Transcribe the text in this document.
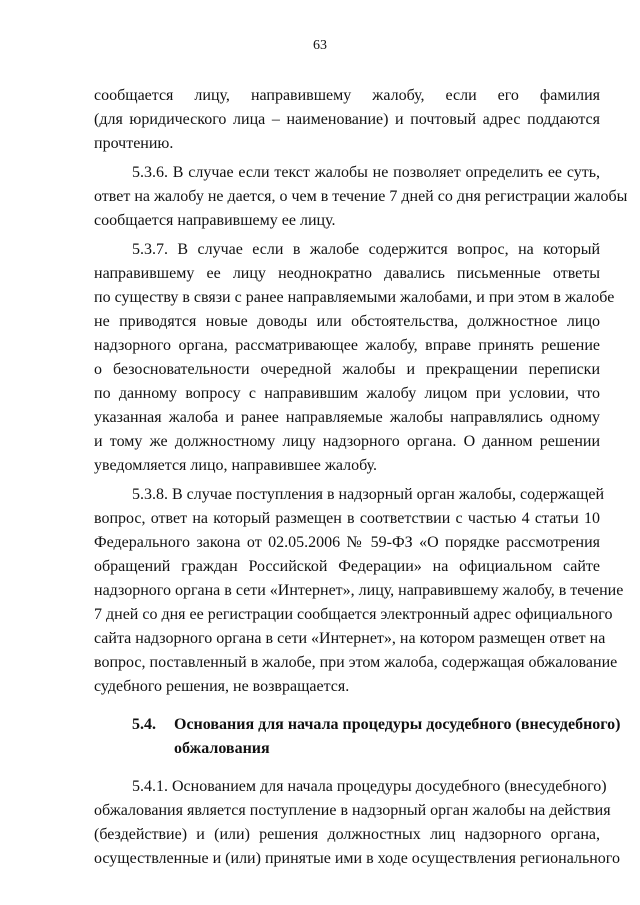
63
сообщается лицу, направившему жалобу, если его фамилия
(для юридического лица – наименование) и почтовый адрес поддаются
прочтению.
5.3.6. В случае если текст жалобы не позволяет определить ее суть,
ответ на жалобу не дается, о чем в течение 7 дней со дня регистрации жалобы
сообщается направившему ее лицу.
5.3.7. В случае если в жалобе содержится вопрос, на который
направившему ее лицу неоднократно давались письменные ответы
по существу в связи с ранее направляемыми жалобами, и при этом в жалобе
не приводятся новые доводы или обстоятельства, должностное лицо
надзорного органа, рассматривающее жалобу, вправе принять решение
о безосновательности очередной жалобы и прекращении переписки
по данному вопросу с направившим жалобу лицом при условии, что
указанная жалоба и ранее направляемые жалобы направлялись одному
и тому же должностному лицу надзорного органа. О данном решении
уведомляется лицо, направившее жалобу.
5.3.8. В случае поступления в надзорный орган жалобы, содержащей
вопрос, ответ на который размещен в соответствии с частью 4 статьи 10
Федерального закона от 02.05.2006 № 59-ФЗ «О порядке рассмотрения
обращений граждан Российской Федерации» на официальном сайте
надзорного органа в сети «Интернет», лицу, направившему жалобу, в течение
7 дней со дня ее регистрации сообщается электронный адрес официального
сайта надзорного органа в сети «Интернет», на котором размещен ответ на
вопрос, поставленный в жалобе, при этом жалоба, содержащая обжалование
судебного решения, не возвращается.
5.4.	Основания для начала процедуры досудебного (внесудебного)
обжалования
5.4.1. Основанием для начала процедуры досудебного (внесудебного)
обжалования является поступление в надзорный орган жалобы на действия
(бездействие) и (или) решения должностных лиц надзорного органа,
осуществленные и (или) принятые ими в ходе осуществления регионального
